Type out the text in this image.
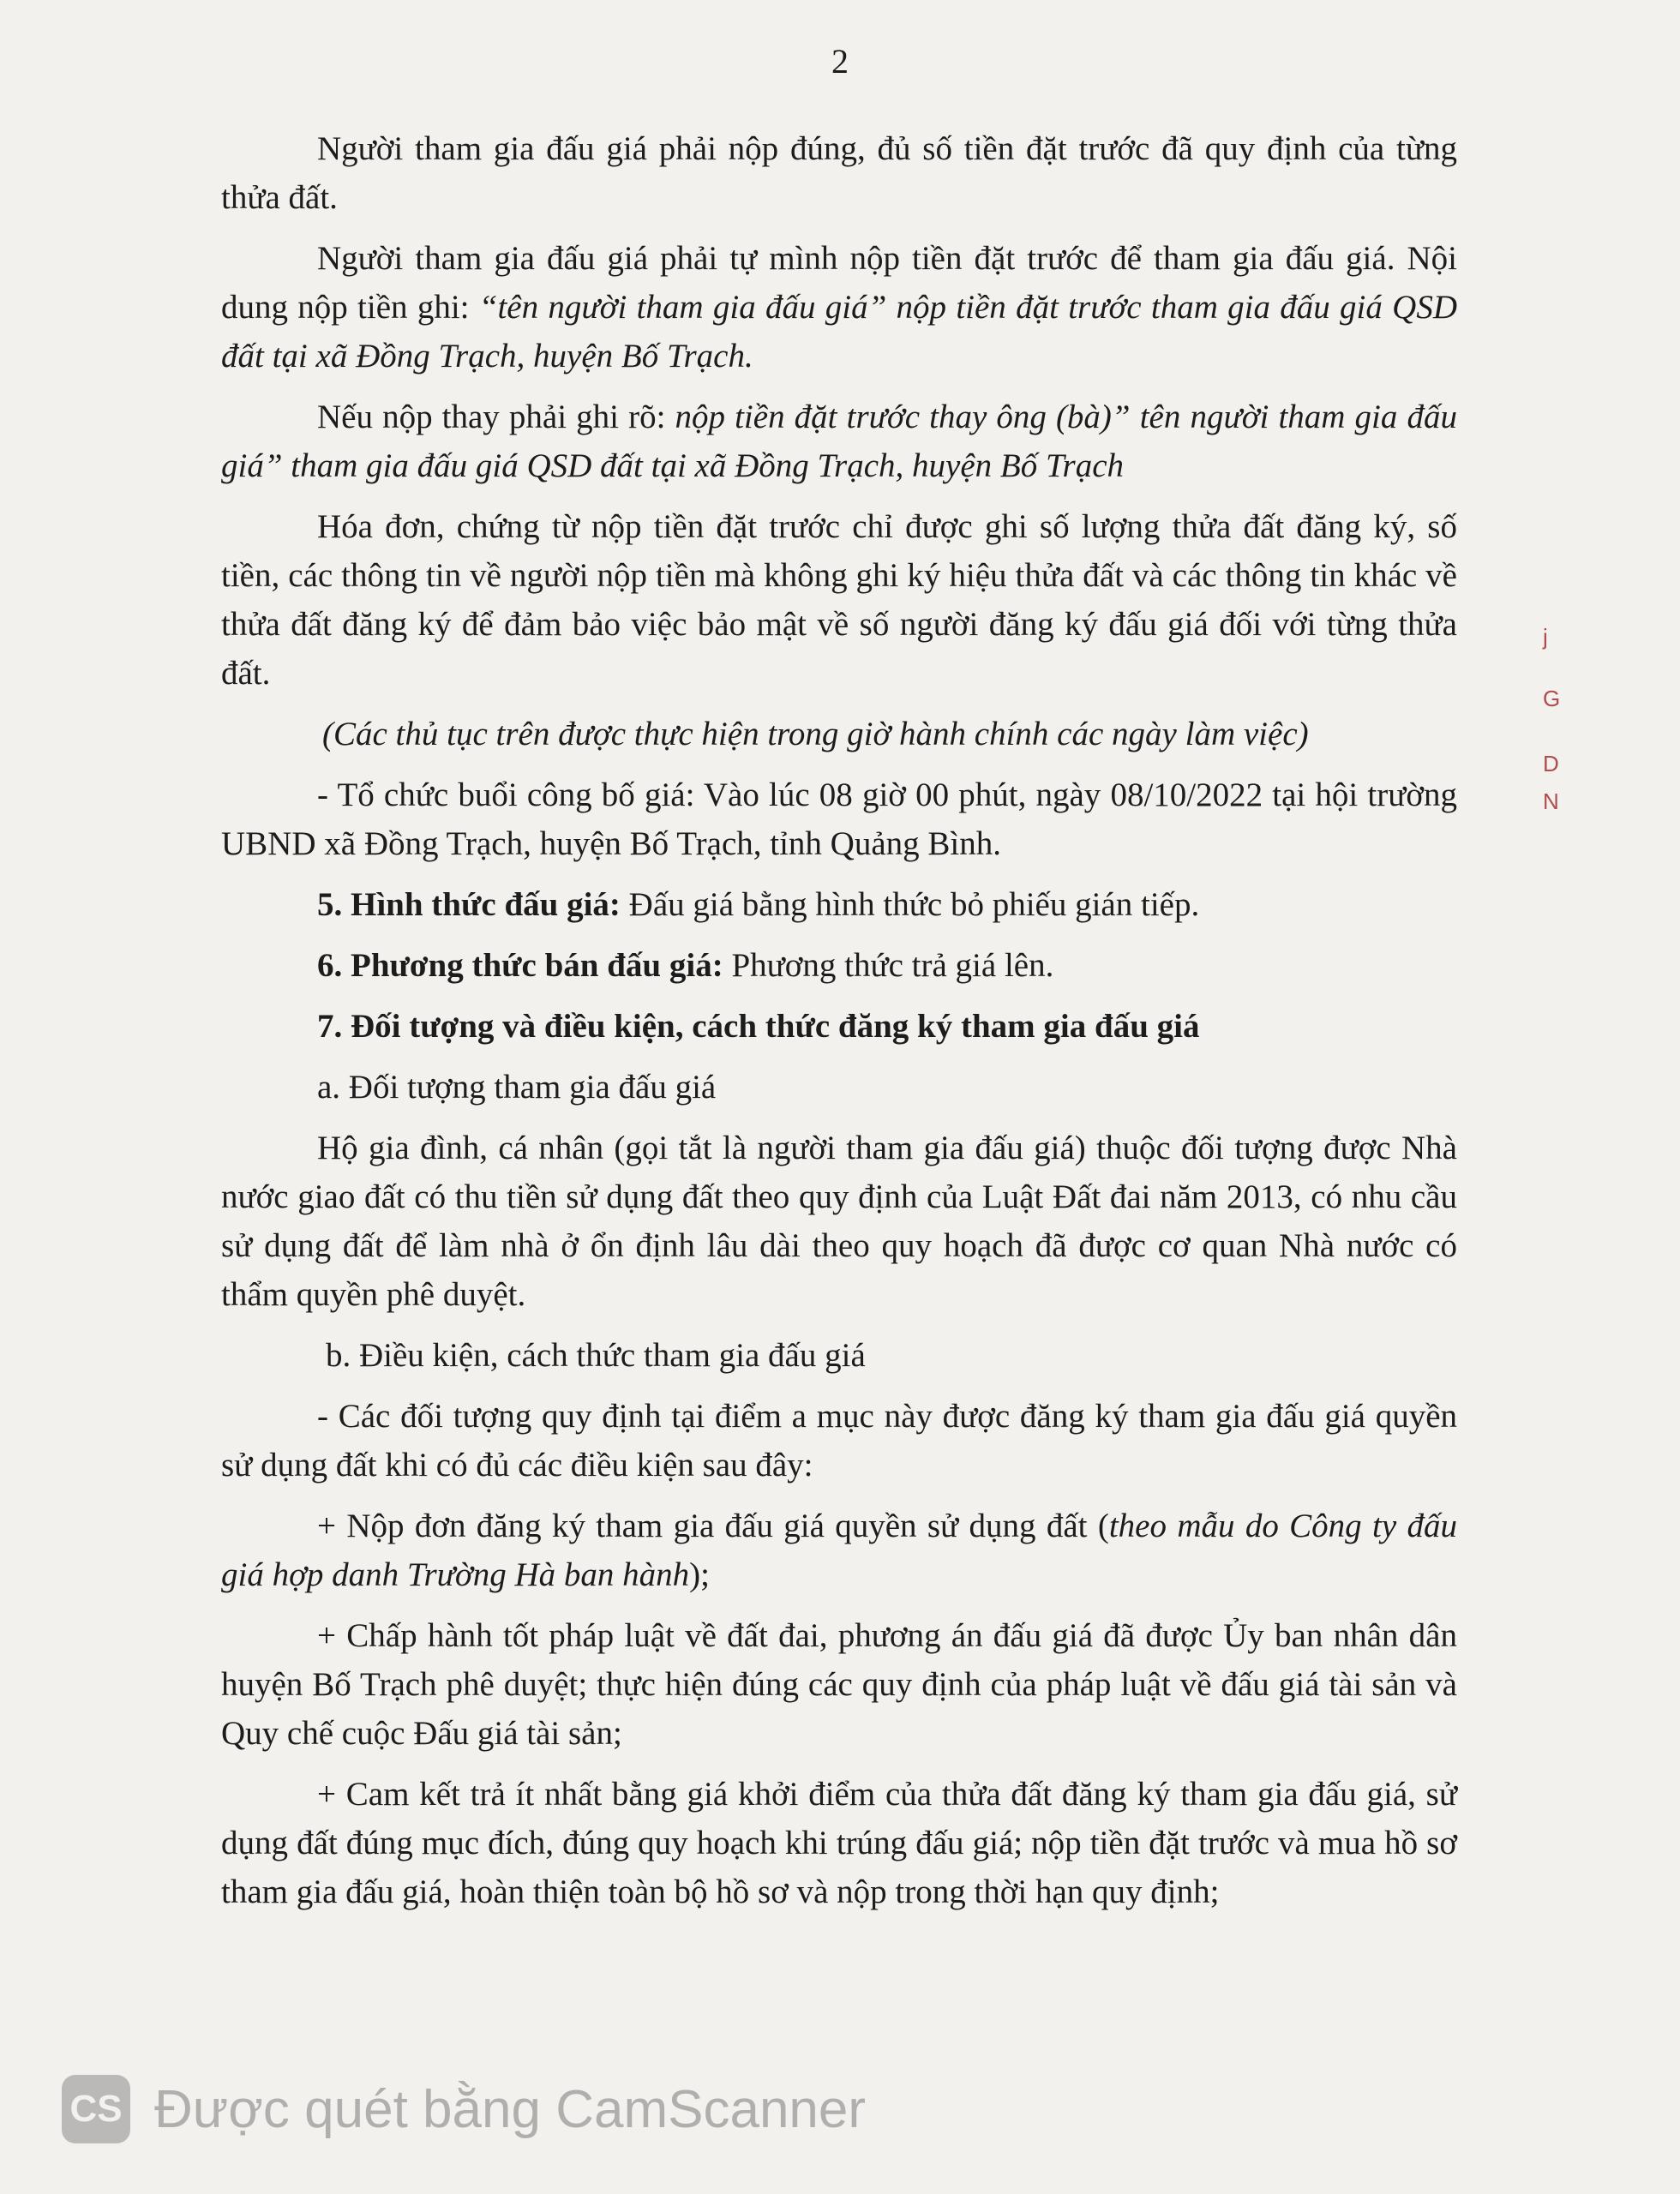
2

Người tham gia đấu giá phải nộp đúng, đủ số tiền đặt trước đã quy định của từng thửa đất.

Người tham gia đấu giá phải tự mình nộp tiền đặt trước để tham gia đấu giá. Nội dung nộp tiền ghi: “tên người tham gia đấu giá” nộp tiền đặt trước tham gia đấu giá QSD đất tại xã Đồng Trạch, huyện Bố Trạch.

Nếu nộp thay phải ghi rõ: nộp tiền đặt trước thay ông (bà)” tên người tham gia đấu giá” tham gia đấu giá QSD đất tại xã Đồng Trạch, huyện Bố Trạch

Hóa đơn, chứng từ nộp tiền đặt trước chỉ được ghi số lượng thửa đất đăng ký, số tiền, các thông tin về người nộp tiền mà không ghi ký hiệu thửa đất và các thông tin khác về thửa đất đăng ký để đảm bảo việc bảo mật về số người đăng ký đấu giá đối với từng thửa đất.

(Các thủ tục trên được thực hiện trong giờ hành chính các ngày làm việc)

- Tổ chức buổi công bố giá: Vào lúc 08 giờ 00 phút, ngày 08/10/2022 tại hội trường UBND xã Đồng Trạch, huyện Bố Trạch, tỉnh Quảng Bình.

5. Hình thức đấu giá: Đấu giá bằng hình thức bỏ phiếu gián tiếp.

6. Phương thức bán đấu giá: Phương thức trả giá lên.

7. Đối tượng và điều kiện, cách thức đăng ký tham gia đấu giá

a. Đối tượng tham gia đấu giá

Hộ gia đình, cá nhân (gọi tắt là người tham gia đấu giá) thuộc đối tượng được Nhà nước giao đất có thu tiền sử dụng đất theo quy định của Luật Đất đai năm 2013, có nhu cầu sử dụng đất để làm nhà ở ổn định lâu dài theo quy hoạch đã được cơ quan Nhà nước có thẩm quyền phê duyệt.

b. Điều kiện, cách thức tham gia đấu giá

- Các đối tượng quy định tại điểm a mục này được đăng ký tham gia đấu giá quyền sử dụng đất khi có đủ các điều kiện sau đây:

+ Nộp đơn đăng ký tham gia đấu giá quyền sử dụng đất (theo mẫu do Công ty đấu giá hợp danh Trường Hà ban hành);

+ Chấp hành tốt pháp luật về đất đai, phương án đấu giá đã được Ủy ban nhân dân huyện Bố Trạch phê duyệt; thực hiện đúng các quy định của pháp luật về đấu giá tài sản và Quy chế cuộc Đấu giá tài sản;

+ Cam kết trả ít nhất bằng giá khởi điểm của thửa đất đăng ký tham gia đấu giá, sử dụng đất đúng mục đích, đúng quy hoạch khi trúng đấu giá; nộp tiền đặt trước và mua hồ sơ tham gia đấu giá, hoàn thiện toàn bộ hồ sơ và nộp trong thời hạn quy định;

j
G
D
N
CS Được quét bằng CamScanner
